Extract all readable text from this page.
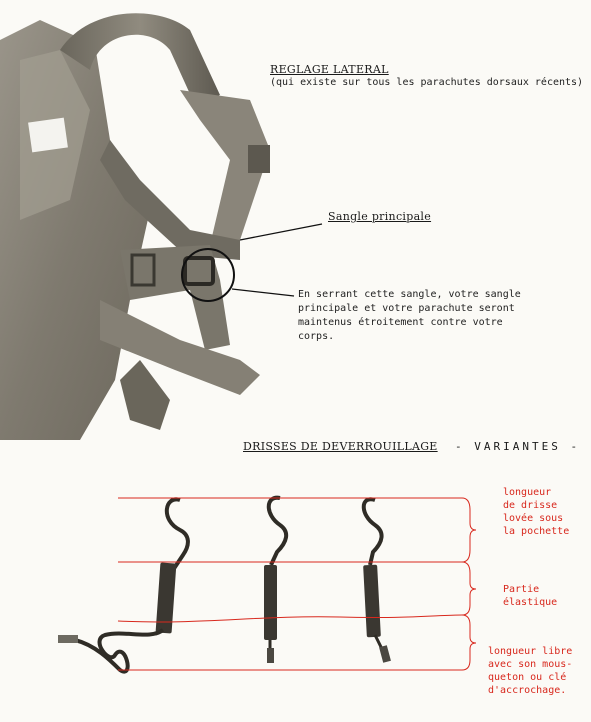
REGLAGE LATERAL
(qui existe sur tous les parachutes dorsaux récents)
Sangle principale
En serrant cette sangle, votre sangle
principale et votre parachute seront
maintenus étroitement contre votre
corps.
DRISSES DE DEVERROUILLAGE - VARIANTES -
longueur
de drisse
lovée sous
la pochette
Partie
élastique
longueur libre
avec son mous-
queton ou clé
d'accrochage.
